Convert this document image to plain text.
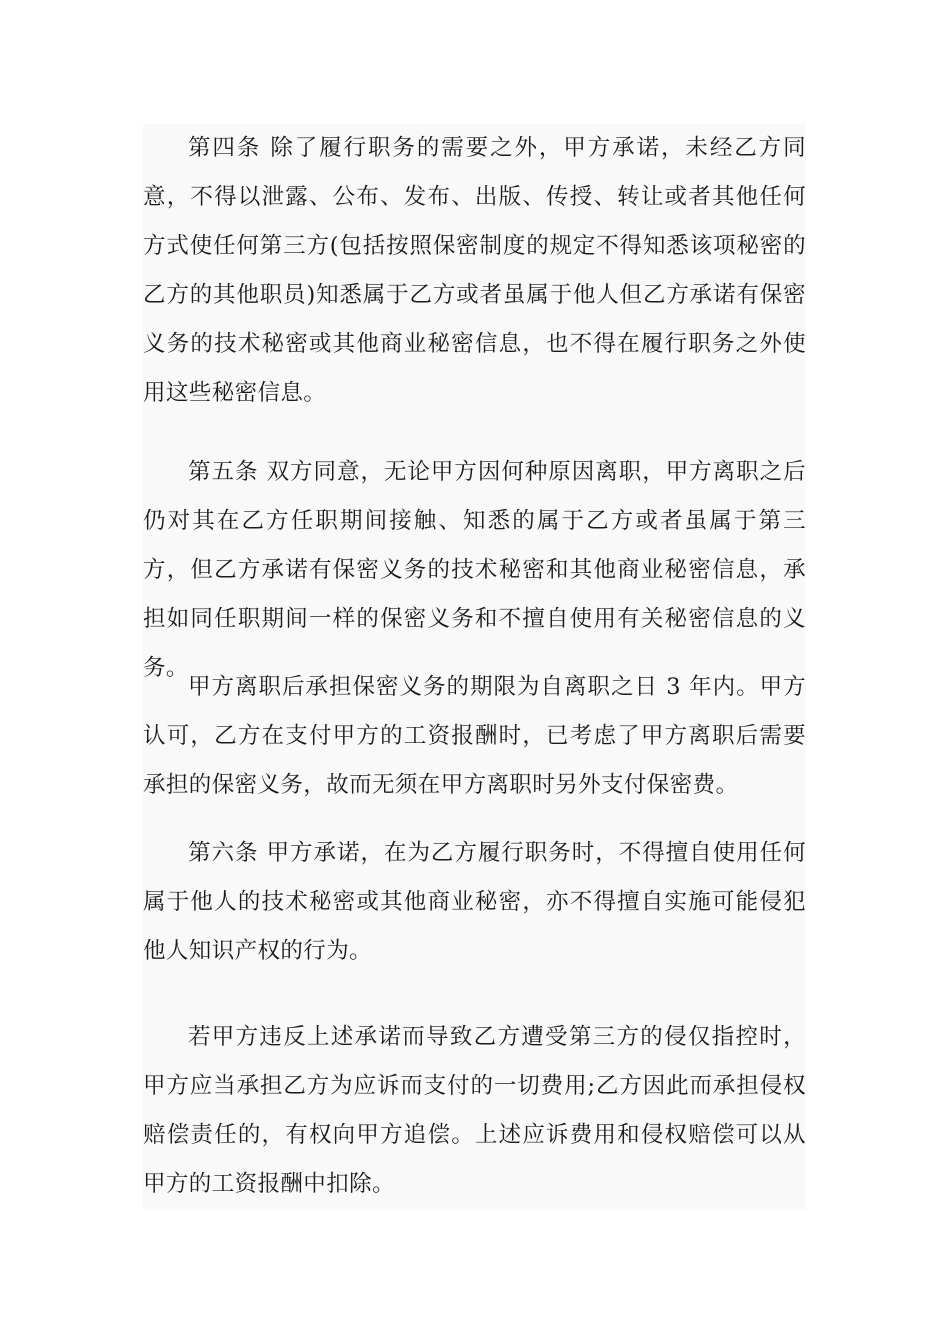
第四条 除了履行职务的需要之外，甲方承诺，未经乙方同意，不得以泄露、公布、发布、出版、传授、转让或者其他任何方式使任何第三方(包括按照保密制度的规定不得知悉该项秘密的乙方的其他职员)知悉属于乙方或者虽属于他人但乙方承诺有保密义务的技术秘密或其他商业秘密信息，也不得在履行职务之外使用这些秘密信息。

第五条 双方同意，无论甲方因何种原因离职，甲方离职之后仍对其在乙方任职期间接触、知悉的属于乙方或者虽属于第三方，但乙方承诺有保密义务的技术秘密和其他商业秘密信息，承担如同任职期间一样的保密义务和不擅自使用有关秘密信息的义务。

甲方离职后承担保密义务的期限为自离职之日 3 年内。甲方认可，乙方在支付甲方的工资报酬时，已考虑了甲方离职后需要承担的保密义务，故而无须在甲方离职时另外支付保密费。

第六条 甲方承诺，在为乙方履行职务时，不得擅自使用任何属于他人的技术秘密或其他商业秘密，亦不得擅自实施可能侵犯他人知识产权的行为。

若甲方违反上述承诺而导致乙方遭受第三方的侵仅指控时，甲方应当承担乙方为应诉而支付的一切费用;乙方因此而承担侵权赔偿责任的，有权向甲方追偿。上述应诉费用和侵权赔偿可以从甲方的工资报酬中扣除。
